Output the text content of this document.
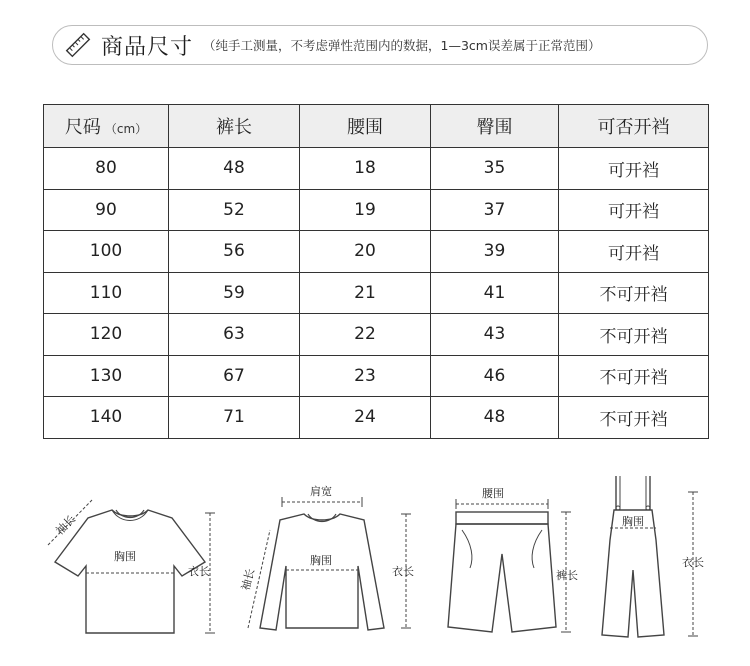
商品尺寸 （纯手工测量，不考虑弹性范围内的数据，1—3cm误差属于正常范围）
尺码 （cm）	裤长	腰围	臀围	可否开裆
80	48	18	35	可开裆
90	52	19	37	可开裆
100	56	20	39	可开裆
110	59	21	41	不可开裆
120	63	22	43	不可开裆
130	67	23	46	不可开裆
140	71	24	48	不可开裆
胸围
衣长
袖长
肩宽
胸围
衣长
袖长
腰围
裤长
胸围
衣长
